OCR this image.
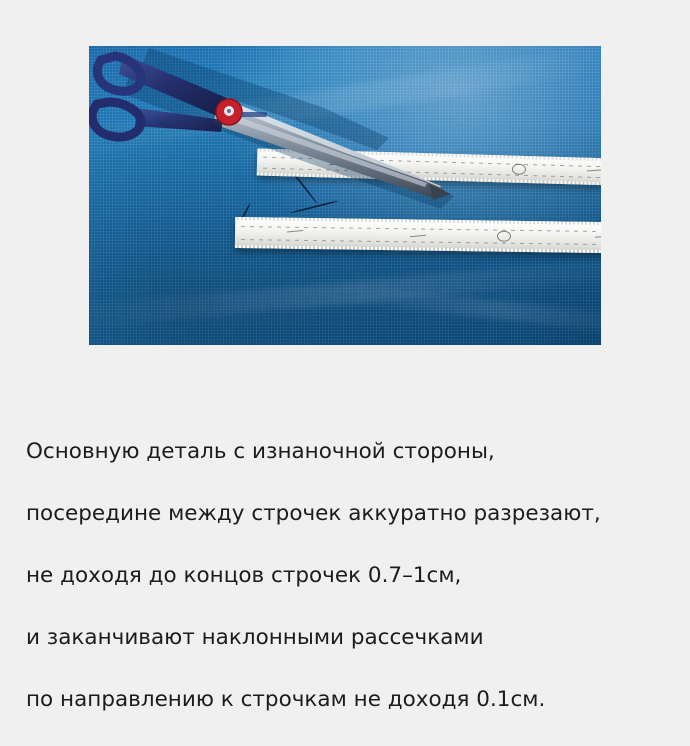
Основную деталь с изнаночной стороны,

посередине между строчек аккуратно разрезают,

не доходя до концов строчек 0.7–1см,

и заканчивают наклонными рассечками

по направлению к строчкам не доходя 0.1см.
